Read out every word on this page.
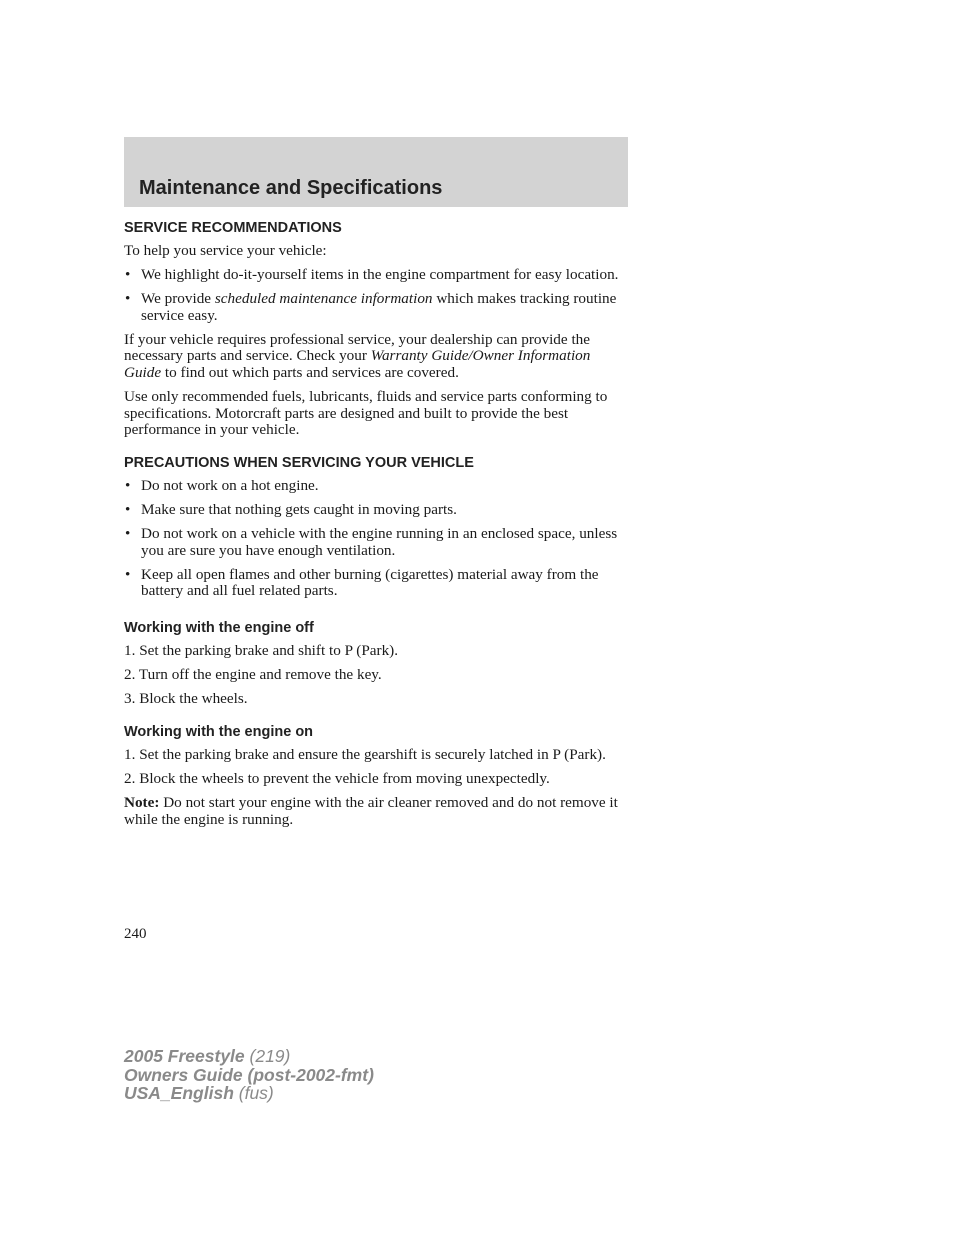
Maintenance and Specifications
SERVICE RECOMMENDATIONS

To help you service your vehicle:

• We highlight do-it-yourself items in the engine compartment for easy location.
• We provide scheduled maintenance information which makes tracking routine service easy.

If your vehicle requires professional service, your dealership can provide the necessary parts and service. Check your Warranty Guide/Owner Information Guide to find out which parts and services are covered.

Use only recommended fuels, lubricants, fluids and service parts conforming to specifications. Motorcraft parts are designed and built to provide the best performance in your vehicle.

PRECAUTIONS WHEN SERVICING YOUR VEHICLE
• Do not work on a hot engine.
• Make sure that nothing gets caught in moving parts.
• Do not work on a vehicle with the engine running in an enclosed space, unless you are sure you have enough ventilation.
• Keep all open flames and other burning (cigarettes) material away from the battery and all fuel related parts.
Working with the engine off

1. Set the parking brake and shift to P (Park).

2. Turn off the engine and remove the key.

3. Block the wheels.

Working with the engine on

1. Set the parking brake and ensure the gearshift is securely latched in P (Park).

2. Block the wheels to prevent the vehicle from moving unexpectedly.

Note: Do not start your engine with the air cleaner removed and do not remove it while the engine is running.

240
2005 Freestyle (219)
Owners Guide (post-2002-fmt)
USA_English (fus)
